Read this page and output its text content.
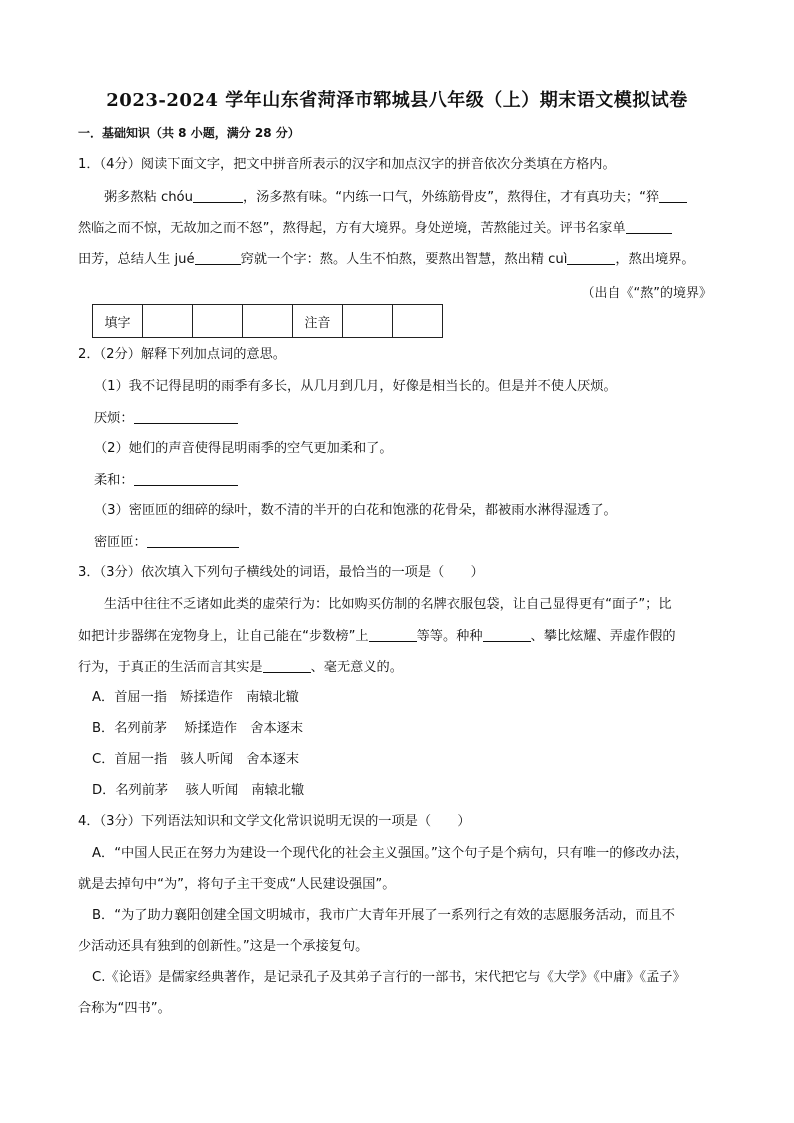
2023-2024 学年山东省菏泽市郓城县八年级（上）期末语文模拟试卷
一．基础知识（共 8 小题，满分 28 分）
1．（4分）阅读下面文字，把文中拼音所表示的汉字和加点汉字的拼音依次分类填在方格内。
粥多熬粘 chóu	，汤多熬有味。“内练一口气，外练筋骨皮”，熬得住，才有真功夫；“猝
然临之而不惊，无故加之而不怒”，熬得起，方有大境界。身处逆境，苦熬能过关。评书名家单
田芳，总结人生 jué	窍就一个字：熬。人生不怕熬，要熬出智慧，熬出精 cuì	，熬出境界。
（出自《“熬”的境界》
填字				注音		
2．（2分）解释下列加点词的意思。
（1）我不记得昆明的雨季有多长，从几月到几月，好像是相当长的。但是并不使人厌烦。
厌烦：
（2）她们的声音使得昆明雨季的空气更加柔和了。
柔和：
（3）密匝匝的细碎的绿叶，数不清的半开的白花和饱涨的花骨朵，都被雨水淋得湿透了。
密匝匝：
3．（3分）依次填入下列句子横线处的词语，最恰当的一项是（　　）
生活中往往不乏诸如此类的虚荣行为：比如购买仿制的名牌衣服包袋，让自己显得更有“面子”；比
如把计步器绑在宠物身上，让自己能在“步数榜”上	等等。种种	、攀比炫耀、弄虚作假的
行为，于真正的生活而言其实是	、毫无意义的。
A．首屈一指　矫揉造作　南辕北辙
B．名列前茅　 矫揉造作　舍本逐末
C．首屈一指　骇人听闻　舍本逐末
D．名列前茅　 骇人听闻　南辕北辙
4．（3分）下列语法知识和文学文化常识说明无误的一项是（　　）
A．“中国人民正在努力为建设一个现代化的社会主义强国。”这个句子是个病句，只有唯一的修改办法，
就是去掉句中“为”，将句子主干变成“人民建设强国”。
B．“为了助力襄阳创建全国文明城市，我市广大青年开展了一系列行之有效的志愿服务活动，而且不
少活动还具有独到的创新性。”这是一个承接复句。
C.《论语》是儒家经典著作，是记录孔子及其弟子言行的一部书，宋代把它与《大学》《中庸》《孟子》
合称为“四书”。
